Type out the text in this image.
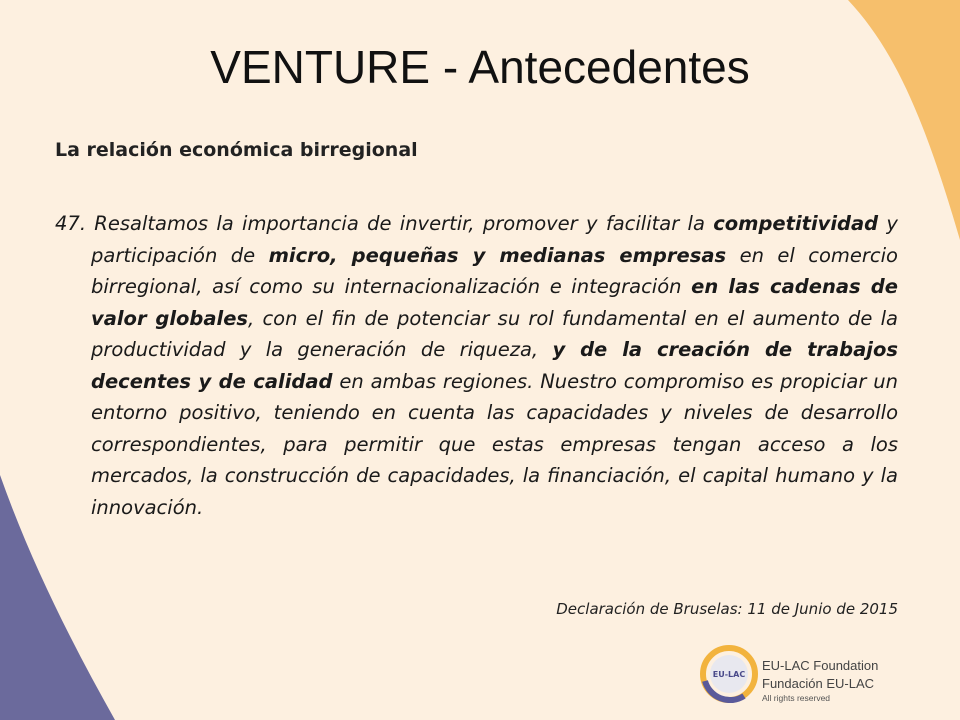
VENTURE - Antecedentes

La relación económica birregional

47. Resaltamos la importancia de invertir, promover y facilitar la competitividad y participación de micro, pequeñas y medianas empresas en el comercio birregional, así como su internacionalización e integración en las cadenas de valor globales, con el fin de potenciar su rol fundamental en el aumento de la productividad y la generación de riqueza, y de la creación de trabajos decentes y de calidad en ambas regiones. Nuestro compromiso es propiciar un entorno positivo, teniendo en cuenta las capacidades y niveles de desarrollo correspondientes, para permitir que estas empresas tengan acceso a los mercados, la construcción de capacidades, la financiación, el capital humano y la innovación.

Declaración de Bruselas: 11 de Junio de 2015

EU-LAC
EU-LAC Foundation
Fundación EU-LAC
All rights reserved
